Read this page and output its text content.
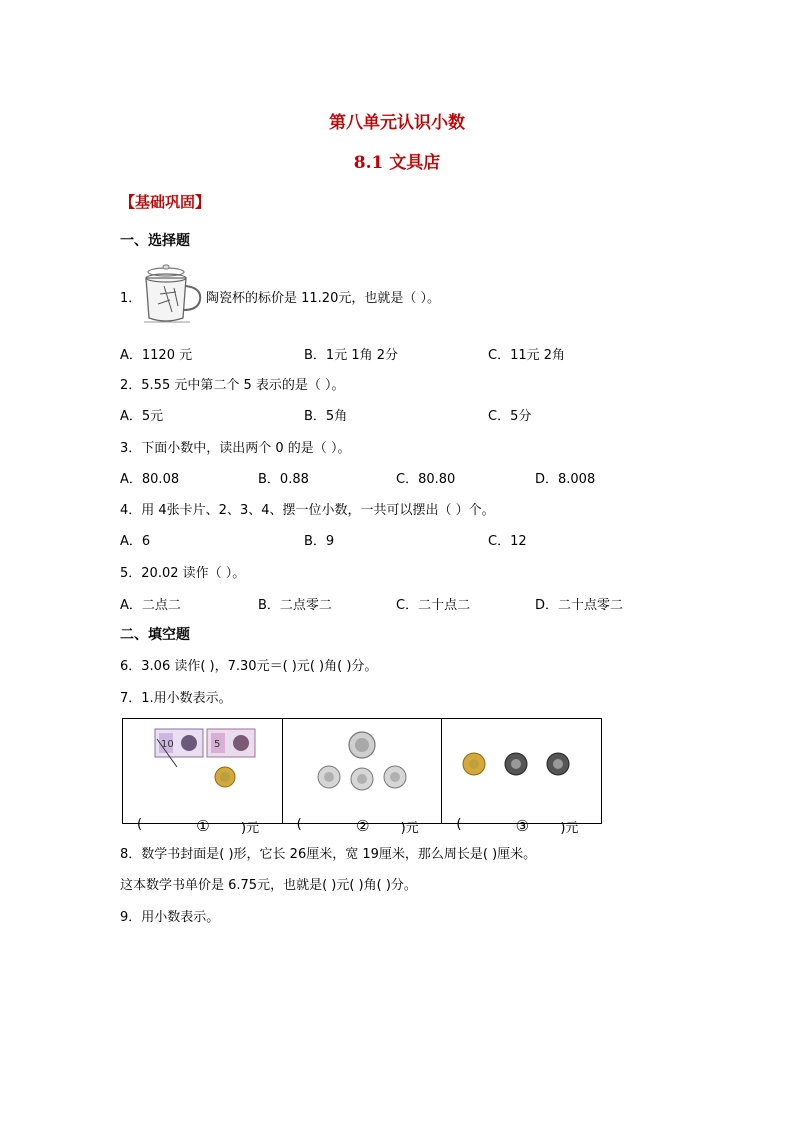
第八单元认识小数
8.1 文具店
【基础巩固】
一、选择题
1．	陶瓷杯的标价是 11.20元，也就是（ ）。
A．1120 元	B．1元 1角 2分	C．11元 2角
2．5.55 元中第二个 5 表示的是（ ）。
A．5元	B．5角	C．5分
3．下面小数中，读出两个 0 的是（ ）。
A．80.08	B．0.88	C．80.80	D．8.008
4．用 4张卡片、2、3、4、摆一位小数，一共可以摆出（ ）个。
A．6	B．9	C．12
5．20.02 读作（ ）。
A．二点二	B．二点零二	C．二十点二	D．二十点零二
二、填空题
6．3.06 读作( )，7.30元＝( )元( )角( )分。
7．1.用小数表示。
10	5
(	①	)元	(	②	)元	(	③	)元
8．数学书封面是( )形，它长 26厘米，宽 19厘米，那么周长是( )厘米。
这本数学书单价是 6.75元，也就是( )元( )角( )分。
9．用小数表示。
